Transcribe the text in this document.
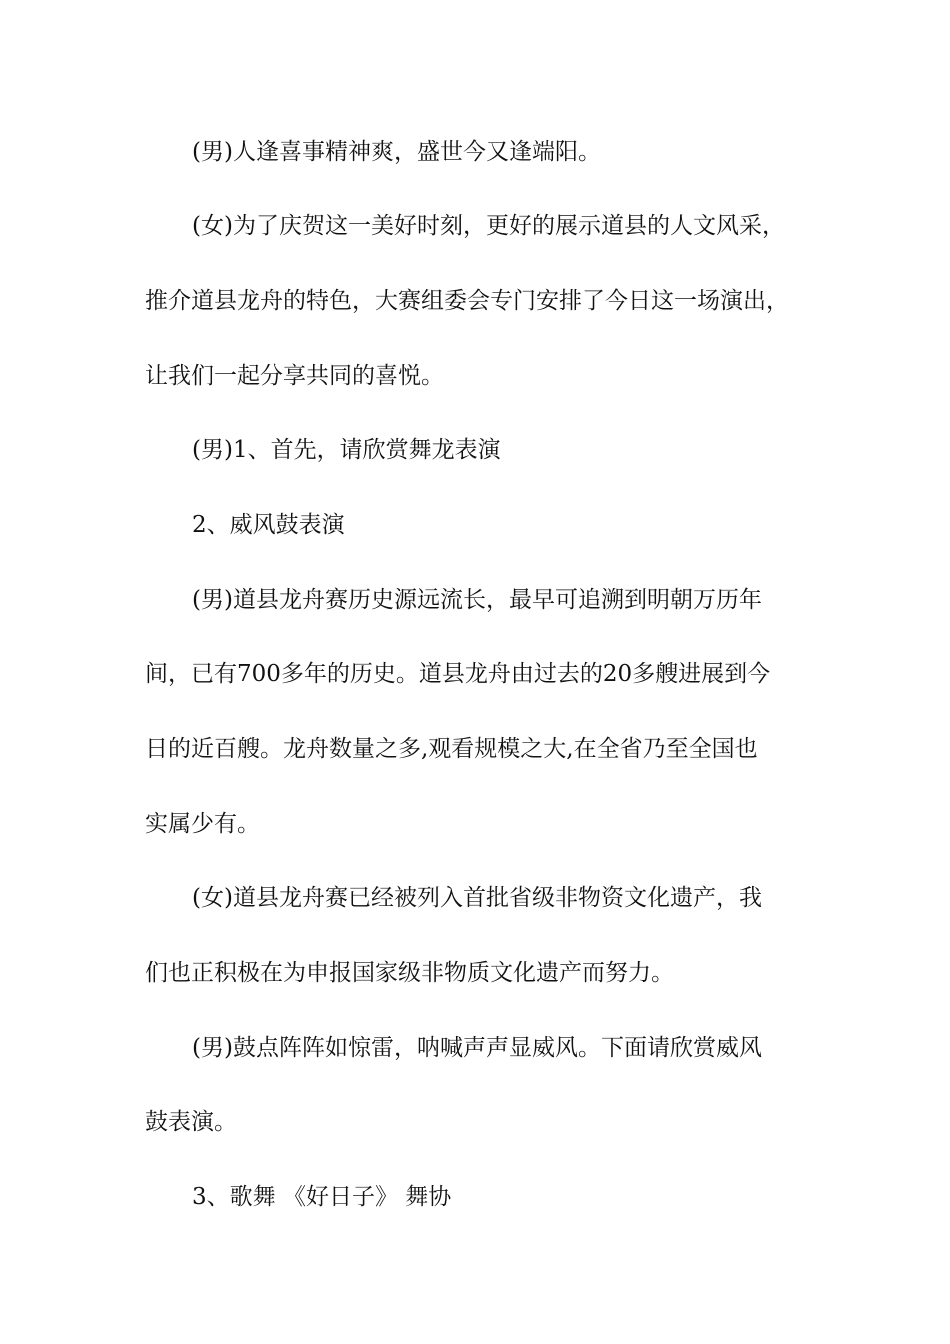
(男)人逢喜事精神爽，盛世今又逢端阳。
(女)为了庆贺这一美好时刻，更好的展示道县的人文风采，
推介道县龙舟的特色，大赛组委会专门安排了今日这一场演出，
让我们一起分享共同的喜悦。
(男)1、首先，请欣赏舞龙表演
2、威风鼓表演
(男)道县龙舟赛历史源远流长，最早可追溯到明朝万历年
间，已有700多年的历史。道县龙舟由过去的20多艘进展到今
日的近百艘。龙舟数量之多,观看规模之大,在全省乃至全国也
实属少有。
(女)道县龙舟赛已经被列入首批省级非物资文化遗产，我
们也正积极在为申报国家级非物质文化遗产而努力。
(男)鼓点阵阵如惊雷，呐喊声声显威风。下面请欣赏威风
鼓表演。
3、歌舞 《好日子》 舞协
